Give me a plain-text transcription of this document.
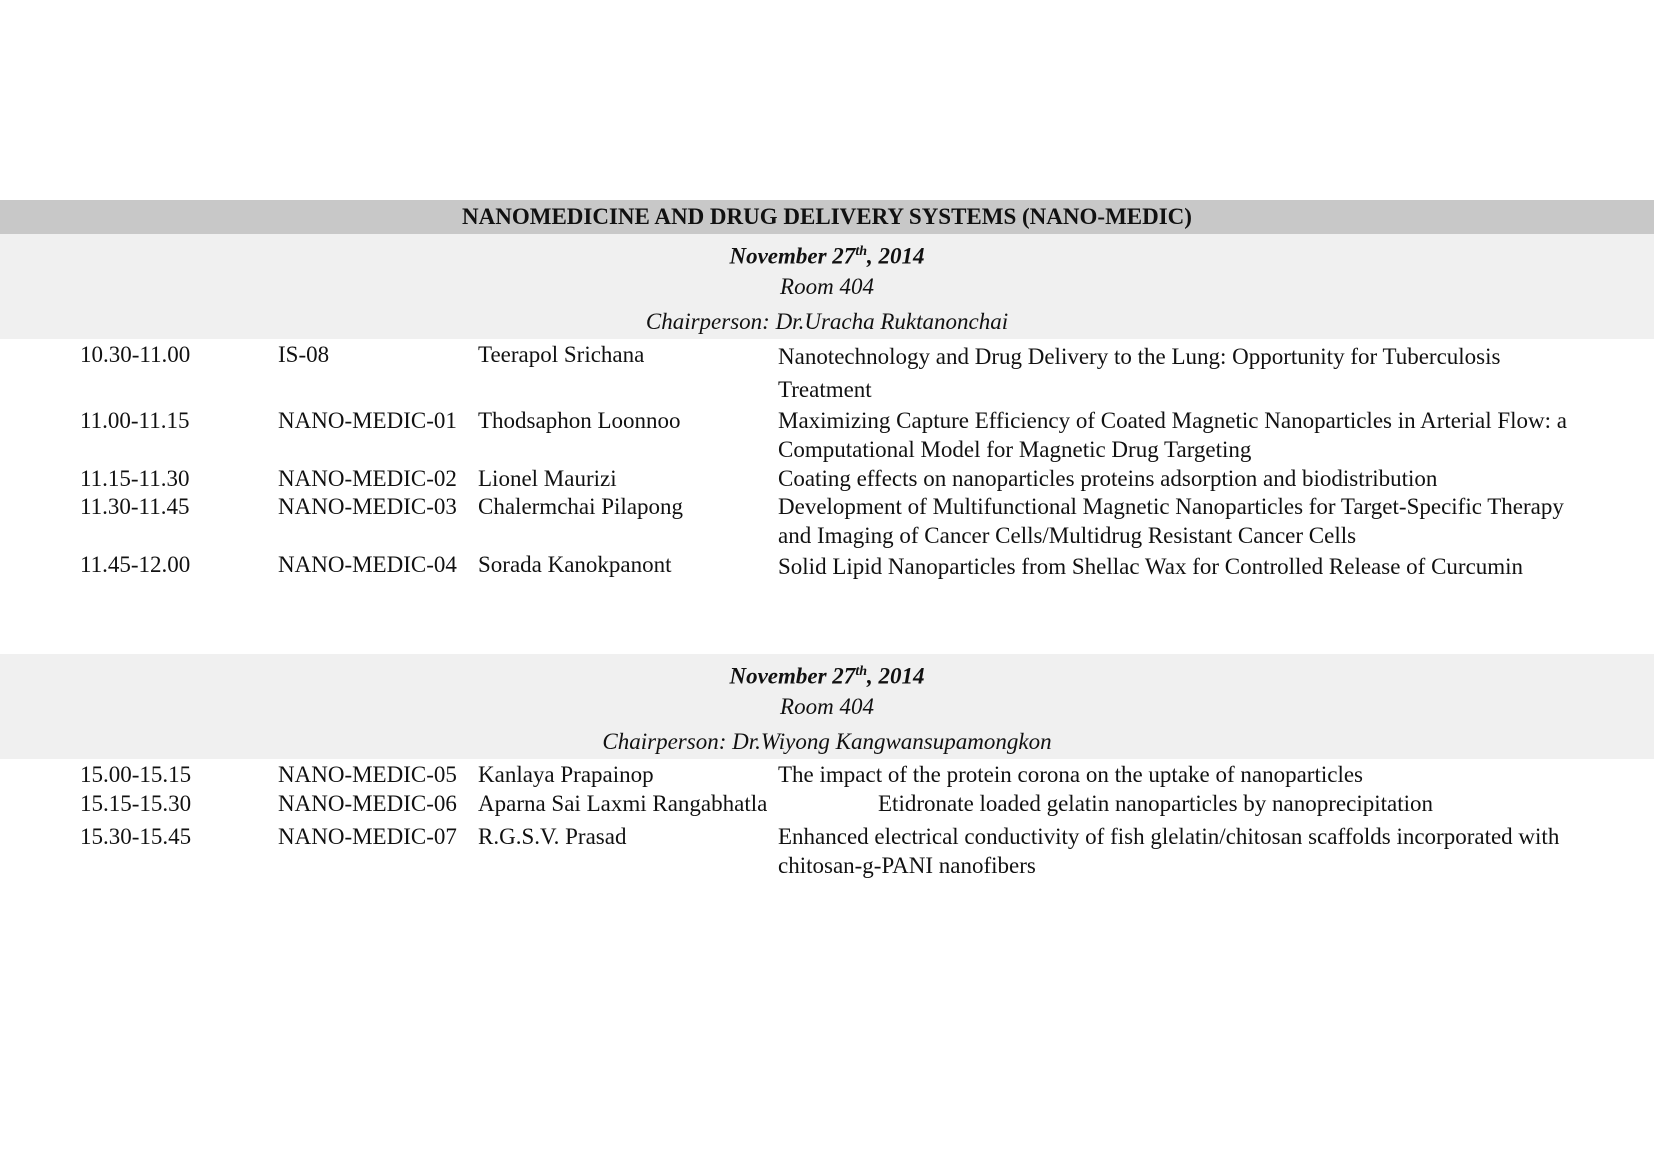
NANOMEDICINE AND DRUG DELIVERY SYSTEMS (NANO-MEDIC)
November 27th, 2014
Room 404
Chairperson: Dr.Uracha Ruktanonchai
10.30-11.00	IS-08	Teerapol Srichana	Nanotechnology and Drug Delivery to the Lung: Opportunity for Tuberculosis Treatment
11.00-11.15	NANO-MEDIC-01 Thodsaphon Loonnoo	Maximizing Capture Efficiency of Coated Magnetic Nanoparticles in Arterial Flow: a Computational Model for Magnetic Drug Targeting
11.15-11.30	NANO-MEDIC-02 Lionel Maurizi	Coating effects on nanoparticles proteins adsorption and biodistribution
11.30-11.45	NANO-MEDIC-03 Chalermchai Pilapong	Development of Multifunctional Magnetic Nanoparticles for Target-Specific Therapy and Imaging of Cancer Cells/Multidrug Resistant Cancer Cells
11.45-12.00	NANO-MEDIC-04 Sorada Kanokpanont	Solid Lipid Nanoparticles from Shellac Wax for Controlled Release of Curcumin
November 27th, 2014
Room 404
Chairperson: Dr.Wiyong Kangwansupamongkon
15.00-15.15	NANO-MEDIC-05 Kanlaya Prapainop	The impact of the protein corona on the uptake of nanoparticles
15.15-15.30	NANO-MEDIC-06 Aparna Sai Laxmi Rangabhatla	Etidronate loaded gelatin nanoparticles by nanoprecipitation
15.30-15.45	NANO-MEDIC-07 R.G.S.V. Prasad	Enhanced electrical conductivity of fish glelatin/chitosan scaffolds incorporated with chitosan-g-PANI nanofibers
